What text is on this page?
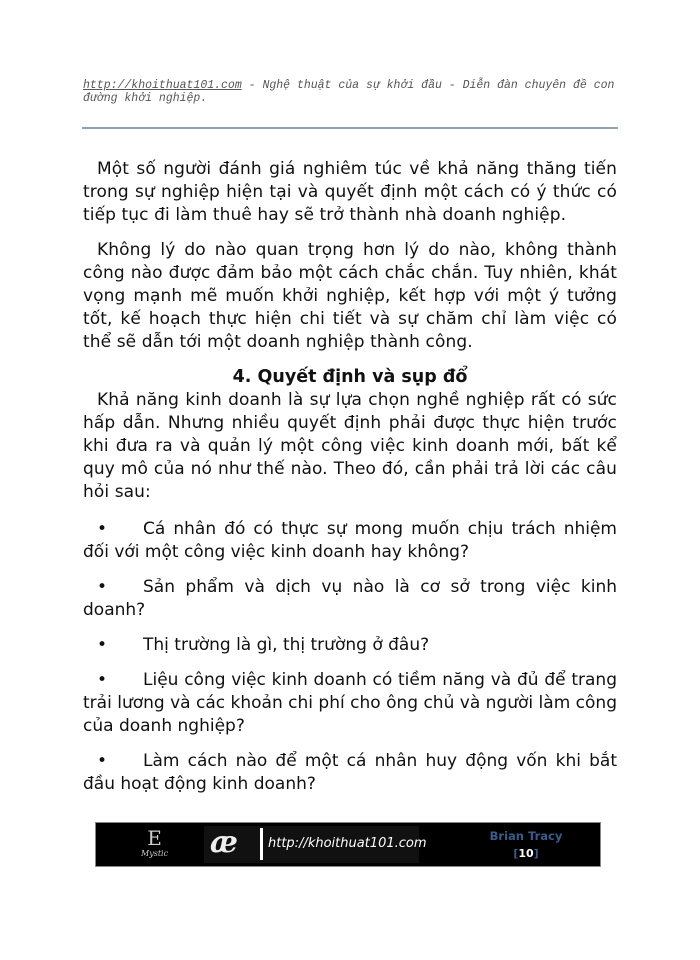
http://khoithuat101.com - Nghệ thuật của sự khởi đầu - Diễn đàn chuyên đề con đường khởi nghiệp.
Một số người đánh giá nghiêm túc về khả năng thăng tiến trong sự nghiệp hiện tại và quyết định một cách có ý thức có tiếp tục đi làm thuê hay sẽ trở thành nhà doanh nghiệp.
Không lý do nào quan trọng hơn lý do nào, không thành công nào được đảm bảo một cách chắc chắn. Tuy nhiên, khát vọng mạnh mẽ muốn khởi nghiệp, kết hợp với một ý tưởng tốt, kế hoạch thực hiện chi tiết và sự chăm chỉ làm việc có thể sẽ dẫn tới một doanh nghiệp thành công.
4. Quyết định và sụp đổ
Khả năng kinh doanh là sự lựa chọn nghề nghiệp rất có sức hấp dẫn. Nhưng nhiều quyết định phải được thực hiện trước khi đưa ra và quản lý một công việc kinh doanh mới, bất kể quy mô của nó như thế nào. Theo đó, cần phải trả lời các câu hỏi sau:
• Cá nhân đó có thực sự mong muốn chịu trách nhiệm đối với một công việc kinh doanh hay không?
• Sản phẩm và dịch vụ nào là cơ sở trong việc kinh doanh?
• Thị trường là gì, thị trường ở đâu?
• Liệu công việc kinh doanh có tiềm năng và đủ để trang trải lương và các khoản chi phí cho ông chủ và người làm công của doanh nghiệp?
• Làm cách nào để một cá nhân huy động vốn khi bắt đầu hoạt động kinh doanh?
E
Mystic æ http://khoithuat101.com	Brian Tracy
[10]
